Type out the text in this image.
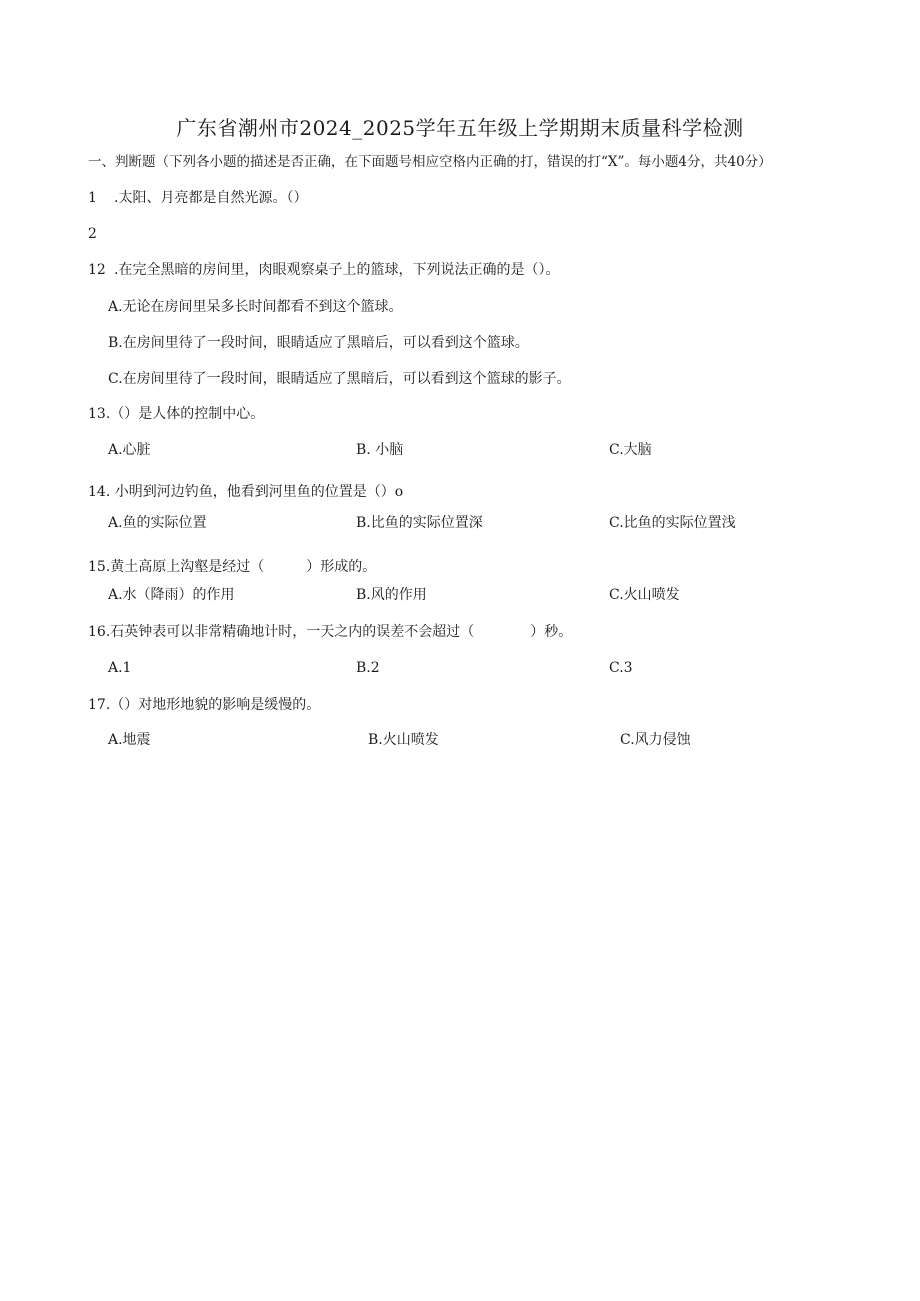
广东省潮州市2024_2025学年五年级上学期期末质量科学检测
一、判断题（下列各小题的描述是否正确，在下面题号相应空格内正确的打，错误的打“X”。每小题4分，共40分）
1 .太阳、月亮都是自然光源。（）
2
12 .在完全黑暗的房间里，肉眼观察桌子上的篮球，下列说法正确的是（）。
A.无论在房间里呆多长时间都看不到这个篮球。
B.在房间里待了一段时间，眼睛适应了黑暗后，可以看到这个篮球。
C.在房间里待了一段时间，眼睛适应了黑暗后，可以看到这个篮球的影子。
13.（）是人体的控制中心。
A.心脏	B. 小脑	C.大脑
14. 小明到河边钓鱼，他看到河里鱼的位置是（）o
A.鱼的实际位置	B.比鱼的实际位置深	C.比鱼的实际位置浅
15.黄土高原上沟壑是经过（　　　）形成的。
A.水（降雨）的作用	B.风的作用	C.火山喷发
16.石英钟表可以非常精确地计时，一天之内的误差不会超过（　　　　）秒。
A.1	B.2	C.3
17.（）对地形地貌的影响是缓慢的。
A.地震	B.火山喷发	C.风力侵蚀
